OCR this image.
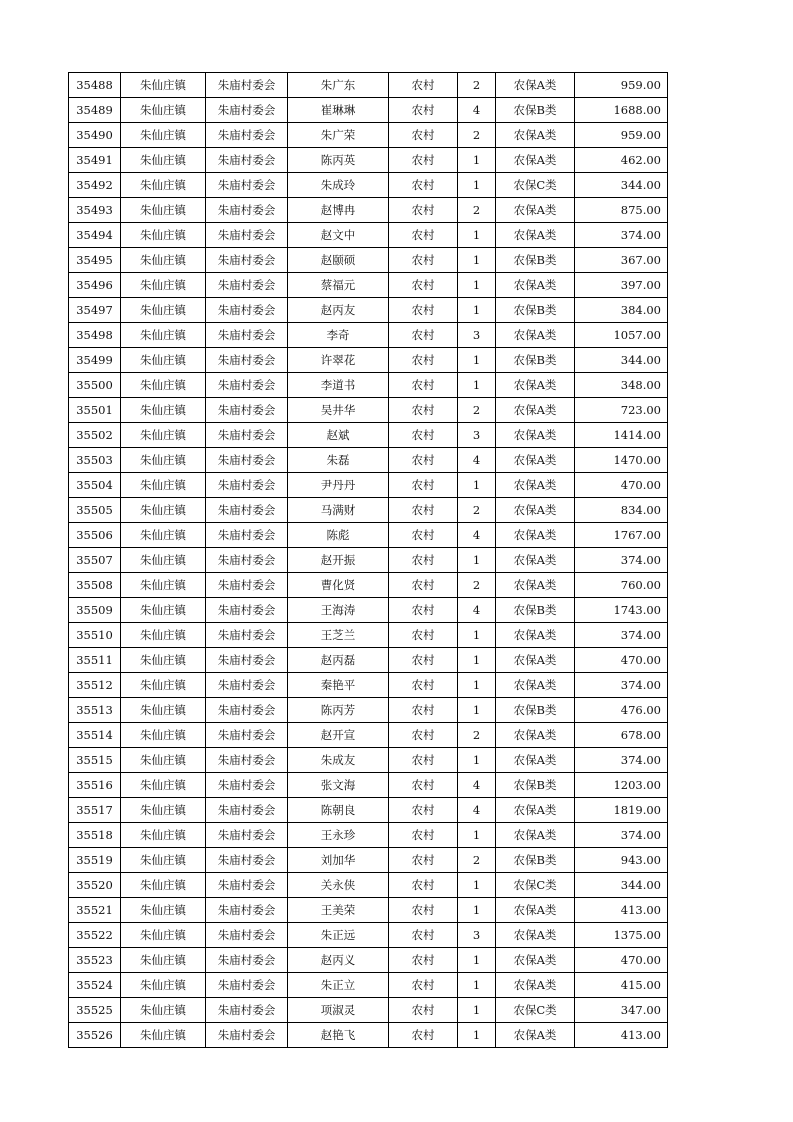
35488	朱仙庄镇	朱庙村委会	朱广东	农村	2	农保A类	959.00
35489	朱仙庄镇	朱庙村委会	崔琳琳	农村	4	农保B类	1688.00
35490	朱仙庄镇	朱庙村委会	朱广荣	农村	2	农保A类	959.00
35491	朱仙庄镇	朱庙村委会	陈丙英	农村	1	农保A类	462.00
35492	朱仙庄镇	朱庙村委会	朱成玲	农村	1	农保C类	344.00
35493	朱仙庄镇	朱庙村委会	赵博冉	农村	2	农保A类	875.00
35494	朱仙庄镇	朱庙村委会	赵文中	农村	1	农保A类	374.00
35495	朱仙庄镇	朱庙村委会	赵颐硕	农村	1	农保B类	367.00
35496	朱仙庄镇	朱庙村委会	蔡福元	农村	1	农保A类	397.00
35497	朱仙庄镇	朱庙村委会	赵丙友	农村	1	农保B类	384.00
35498	朱仙庄镇	朱庙村委会	李奇	农村	3	农保A类	1057.00
35499	朱仙庄镇	朱庙村委会	许翠花	农村	1	农保B类	344.00
35500	朱仙庄镇	朱庙村委会	李道书	农村	1	农保A类	348.00
35501	朱仙庄镇	朱庙村委会	吴井华	农村	2	农保A类	723.00
35502	朱仙庄镇	朱庙村委会	赵斌	农村	3	农保A类	1414.00
35503	朱仙庄镇	朱庙村委会	朱磊	农村	4	农保A类	1470.00
35504	朱仙庄镇	朱庙村委会	尹丹丹	农村	1	农保A类	470.00
35505	朱仙庄镇	朱庙村委会	马满财	农村	2	农保A类	834.00
35506	朱仙庄镇	朱庙村委会	陈彪	农村	4	农保A类	1767.00
35507	朱仙庄镇	朱庙村委会	赵开振	农村	1	农保A类	374.00
35508	朱仙庄镇	朱庙村委会	曹化贤	农村	2	农保A类	760.00
35509	朱仙庄镇	朱庙村委会	王海涛	农村	4	农保B类	1743.00
35510	朱仙庄镇	朱庙村委会	王芝兰	农村	1	农保A类	374.00
35511	朱仙庄镇	朱庙村委会	赵丙磊	农村	1	农保A类	470.00
35512	朱仙庄镇	朱庙村委会	秦艳平	农村	1	农保A类	374.00
35513	朱仙庄镇	朱庙村委会	陈丙芳	农村	1	农保B类	476.00
35514	朱仙庄镇	朱庙村委会	赵开宣	农村	2	农保A类	678.00
35515	朱仙庄镇	朱庙村委会	朱成友	农村	1	农保A类	374.00
35516	朱仙庄镇	朱庙村委会	张文海	农村	4	农保B类	1203.00
35517	朱仙庄镇	朱庙村委会	陈朝良	农村	4	农保A类	1819.00
35518	朱仙庄镇	朱庙村委会	王永珍	农村	1	农保A类	374.00
35519	朱仙庄镇	朱庙村委会	刘加华	农村	2	农保B类	943.00
35520	朱仙庄镇	朱庙村委会	关永侠	农村	1	农保C类	344.00
35521	朱仙庄镇	朱庙村委会	王美荣	农村	1	农保A类	413.00
35522	朱仙庄镇	朱庙村委会	朱正远	农村	3	农保A类	1375.00
35523	朱仙庄镇	朱庙村委会	赵丙义	农村	1	农保A类	470.00
35524	朱仙庄镇	朱庙村委会	朱正立	农村	1	农保A类	415.00
35525	朱仙庄镇	朱庙村委会	项淑灵	农村	1	农保C类	347.00
35526	朱仙庄镇	朱庙村委会	赵艳飞	农村	1	农保A类	413.00
